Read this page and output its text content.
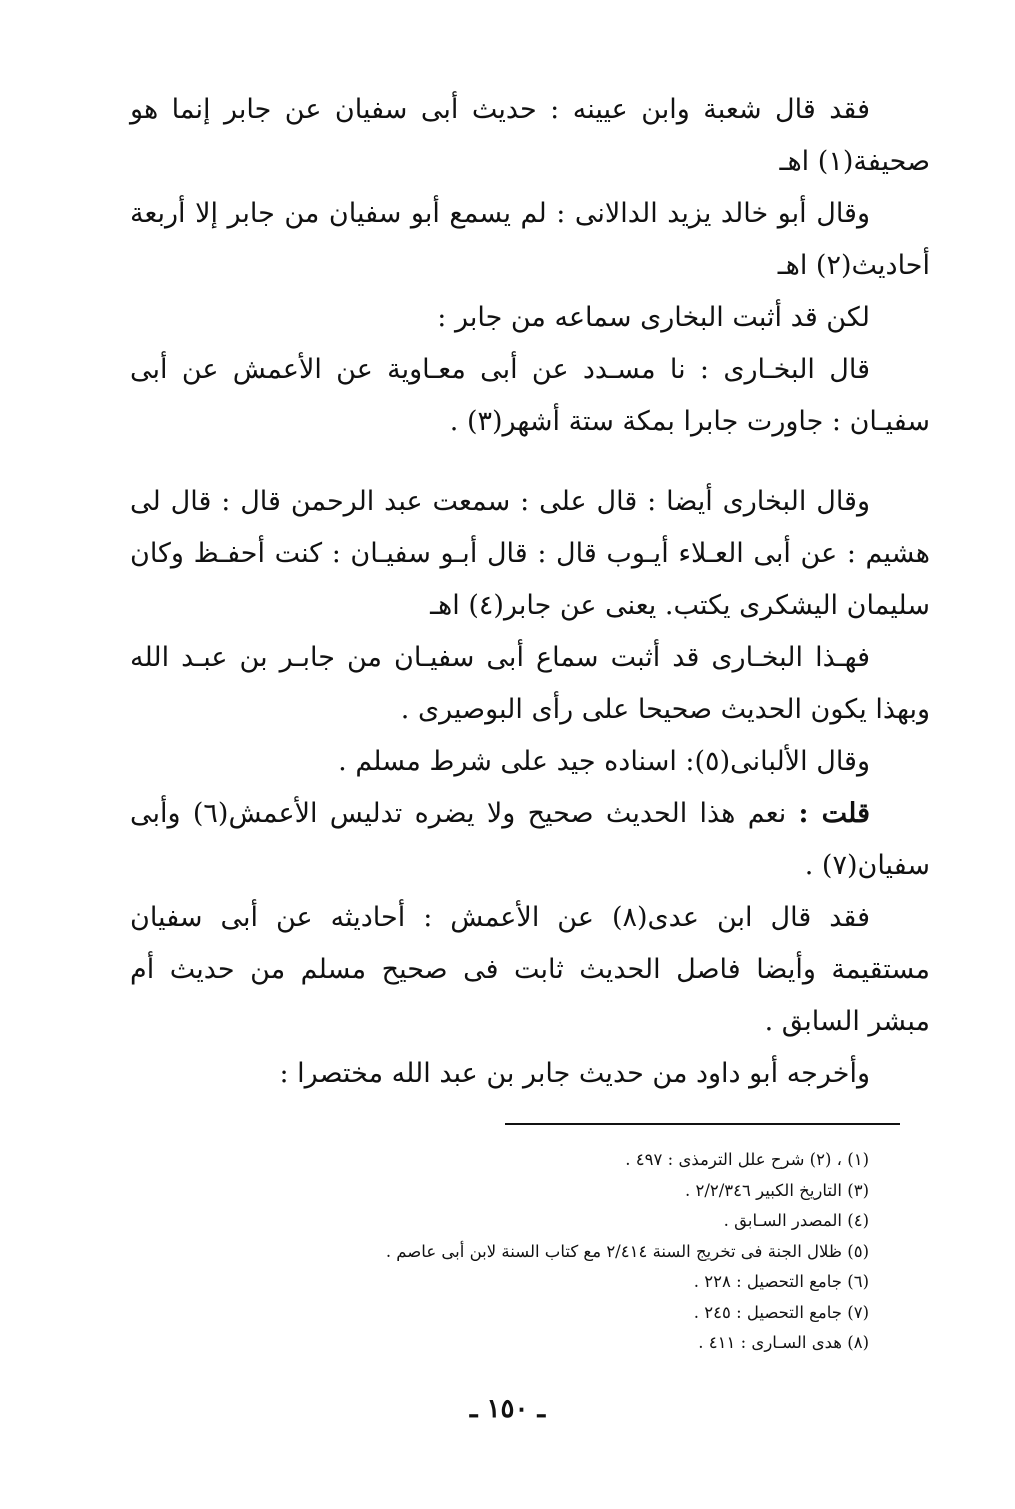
فقد قال شعبة وابن عيينه : حديث أبى سفيان عن جابر إنما هو صحيفة(١) اهـ

وقال أبو خالد يزيد الدالانى : لم يسمع أبو سفيان من جابر إلا أربعة أحاديث(٢) اهـ

لكن قد أثبت البخارى سماعه من جابر :

قال البخـارى : نا مسـدد عن أبى معـاوية عن الأعمش عن أبى سفيـان : جاورت جابرا بمكة ستة أشهر(٣) .

وقال البخارى أيضا : قال على : سمعت عبد الرحمن قال : قال لى هشيم : عن أبى العـلاء أيـوب قال : قال أبـو سفيـان : كنت أحفـظ وكان سليمان اليشكرى يكتب. يعنى عن جابر(٤) اهـ

فهـذا البخـارى قد أثبت سماع أبى سفيـان من جابـر بن عبـد الله وبهذا يكون الحديث صحيحا على رأى البوصيرى .

وقال الألبانى(٥): اسناده جيد على شرط مسلم .

قلت : نعم هذا الحديث صحيح ولا يضره تدليس الأعمش(٦) وأبى سفيان(٧) .

فقد قال ابن عدى(٨) عن الأعمش : أحاديثه عن أبى سفيان مستقيمة وأيضا فاصل الحديث ثابت فى صحيح مسلم من حديث أم مبشر السابق .

وأخرجه أبو داود من حديث جابر بن عبد الله مختصرا :

(١) ، (٢) شرح علل الترمذى : ٤٩٧ .

(٣) التاريخ الكبير ٢/٢/٣٤٦ .

(٤) المصدر السـابق .

(٥) ظلال الجنة فى تخريج السنة ٢/٤١٤ مع كتاب السنة لابن أبى عاصم .

(٦) جامع التحصيل : ٢٢٨ .

(٧) جامع التحصيل : ٢٤٥ .

(٨) هدى السـارى : ٤١١ .

ـ ١٥٠ ـ
